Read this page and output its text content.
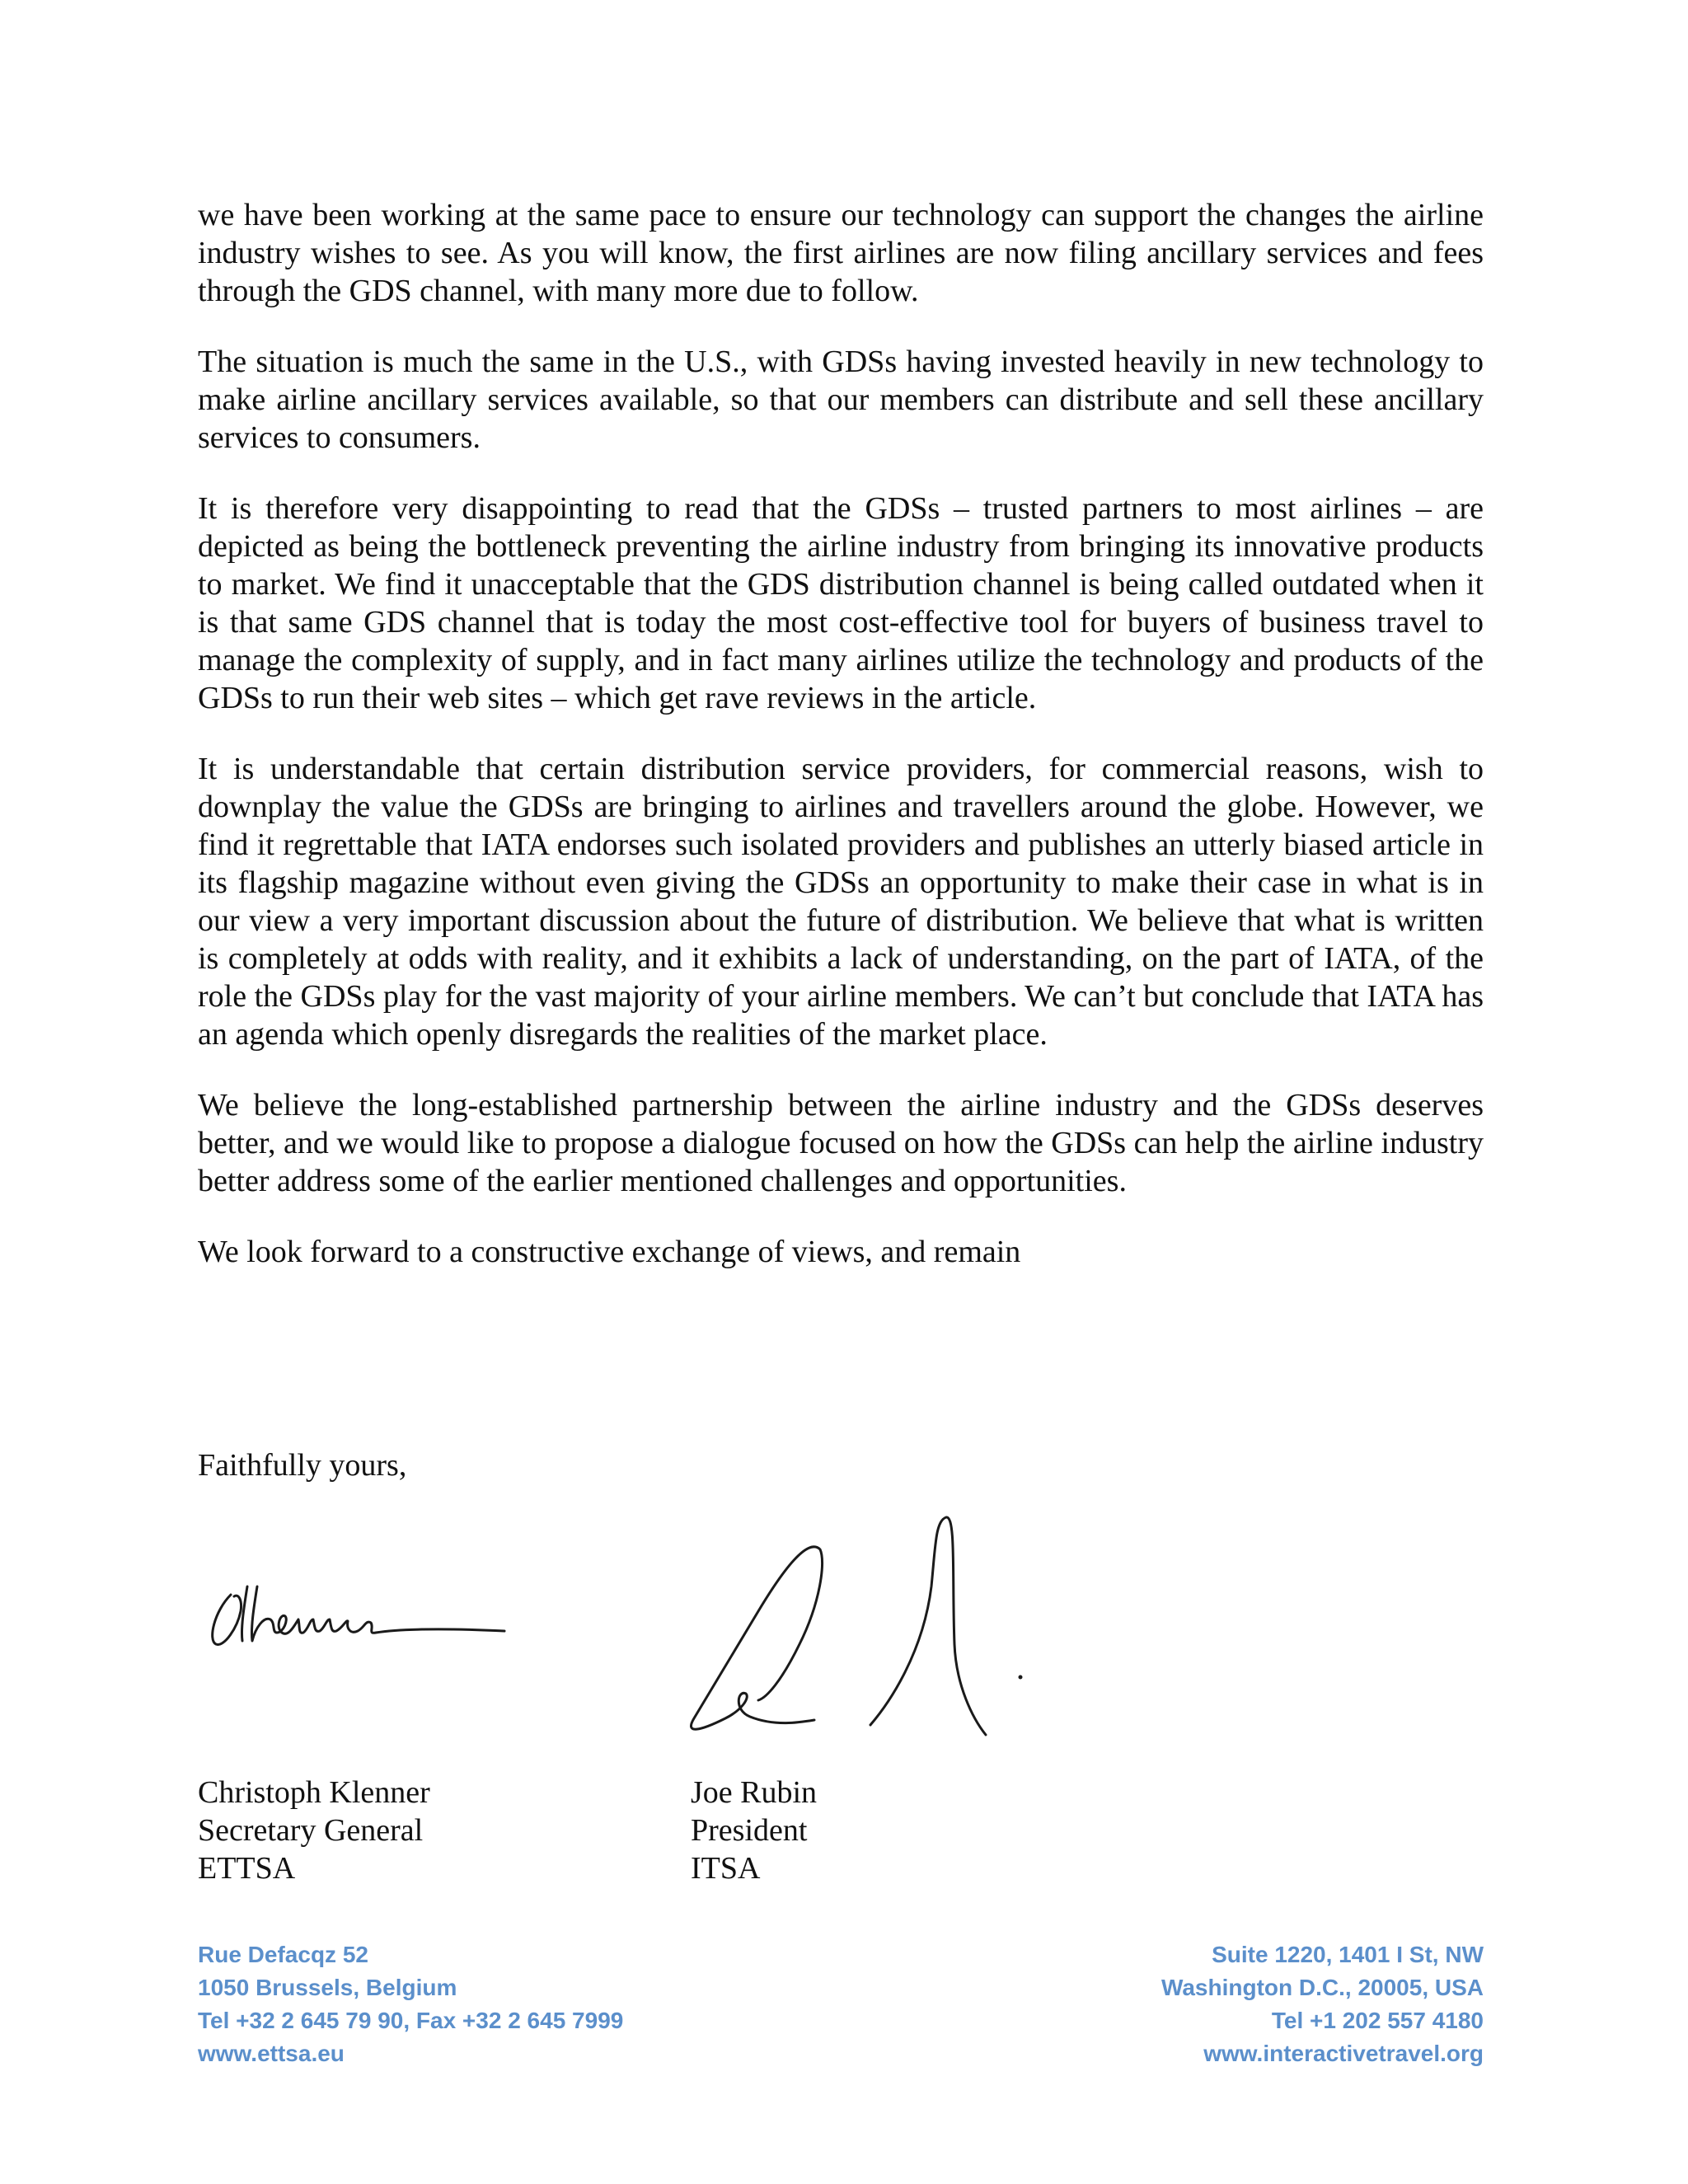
we have been working at the same pace to ensure our technology can support the changes the airline industry wishes to see. As you will know, the first airlines are now filing ancillary services and fees through the GDS channel, with many more due to follow.

The situation is much the same in the U.S., with GDSs having invested heavily in new technology to make airline ancillary services available, so that our members can distribute and sell these ancillary services to consumers.

It is therefore very disappointing to read that the GDSs – trusted partners to most airlines – are depicted as being the bottleneck preventing the airline industry from bringing its innovative products to market. We find it unacceptable that the GDS distribution channel is being called outdated when it is that same GDS channel that is today the most cost-effective tool for buyers of business travel to manage the complexity of supply, and in fact many airlines utilize the technology and products of the GDSs to run their web sites – which get rave reviews in the article.

It is understandable that certain distribution service providers, for commercial reasons, wish to downplay the value the GDSs are bringing to airlines and travellers around the globe. However, we find it regrettable that IATA endorses such isolated providers and publishes an utterly biased article in its flagship magazine without even giving the GDSs an opportunity to make their case in what is in our view a very important discussion about the future of distribution. We believe that what is written is completely at odds with reality, and it exhibits a lack of understanding, on the part of IATA, of the role the GDSs play for the vast majority of your airline members. We can’t but conclude that IATA has an agenda which openly disregards the realities of the market place.

We believe the long-established partnership between the airline industry and the GDSs deserves better, and we would like to propose a dialogue focused on how the GDSs can help the airline industry better address some of the earlier mentioned challenges and opportunities.

We look forward to a constructive exchange of views, and remain

Faithfully yours,

Christoph Klenner
Secretary General
ETTSA
Joe Rubin
President
ITSA
Rue Defacqz 52
1050 Brussels, Belgium
Tel +32 2 645 79 90, Fax +32 2 645 7999
www.ettsa.eu
Suite 1220, 1401 I St, NW
Washington D.C., 20005, USA
Tel +1 202 557 4180
www.interactivetravel.org
